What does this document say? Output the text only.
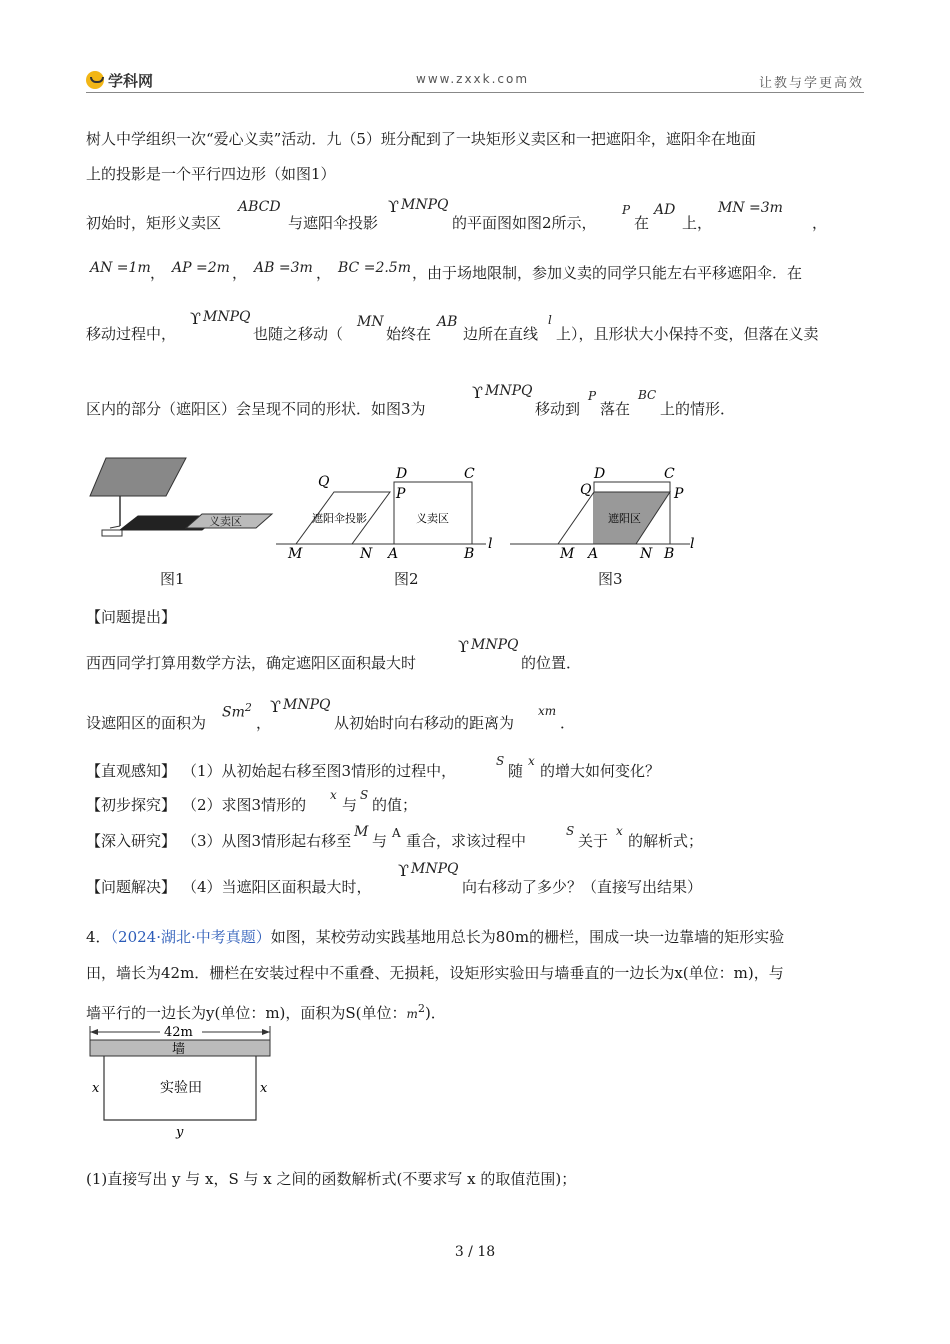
学科网	www.zxxk.com	让教与学更高效
树人中学组织一次“爱心义卖”活动．九（5）班分配到了一块矩形义卖区和一把遮阳伞，遮阳伞在地面
上的投影是一个平行四边形（如图1）
初始时，矩形义卖区
ABCD
与遮阳伞投影
ϒ MNPQ
的平面图如图2所示，
P
在
AD
上，
MN =3m
，
AN =1m ， AP =2m ， AB =3m ， BC =2.5m ，由于场地限制，参加义卖的同学只能左右平移遮阳伞．在
移动过程中，
ϒ MNPQ
也随之移动（
MN
始终在
AB
边所在直线
l
上），且形状大小保持不变，但落在义卖
区内的部分（遮阳区）会呈现不同的形状．如图3为
ϒ MNPQ
移动到
P
落在
BC
上的情形．
义卖区	遮阳伞投影	义卖区
Q	D	C
P
M	N A	B
l
遮阳区
Q
D	C
P
M A	N B
l
图1	图2	图3
【问题提出】
西西同学打算用数学方法，确定遮阳区面积最大时
ϒ MNPQ
的位置．
设遮阳区的面积为
Sm$^2$
，
ϒ MNPQ
从初始时向右移动的距离为
xm
．
【直观感知】 （1）从初始起右移至图3情形的过程中，
S
随
x
的增大如何变化？
【初步探究】 （2）求图3情形的
x
与
S
的值；
【深入研究】 （3）从图3情形起右移至 M 与 A 重合，求该过程中
S
关于
x
的解析式；
【问题解决】 （4）当遮阳区面积最大时，
ϒ MNPQ
向右移动了多少？（直接写出结果）
4．（2024·湖北·中考真题）如图，某校劳动实践基地用总长为80m的栅栏，围成一块一边靠墙的矩形实验
田，墙长为42m．栅栏在安装过程中不重叠、无损耗，设矩形实验田与墙垂直的一边长为x(单位：m)，与
墙平行的一边长为y(单位：m)，面积为S(单位：m$^2$)．
42m
墙
实验田
x	x
y
(1)直接写出 y 与 x，S 与 x 之间的函数解析式(不要求写 x 的取值范围)；
3 / 18
